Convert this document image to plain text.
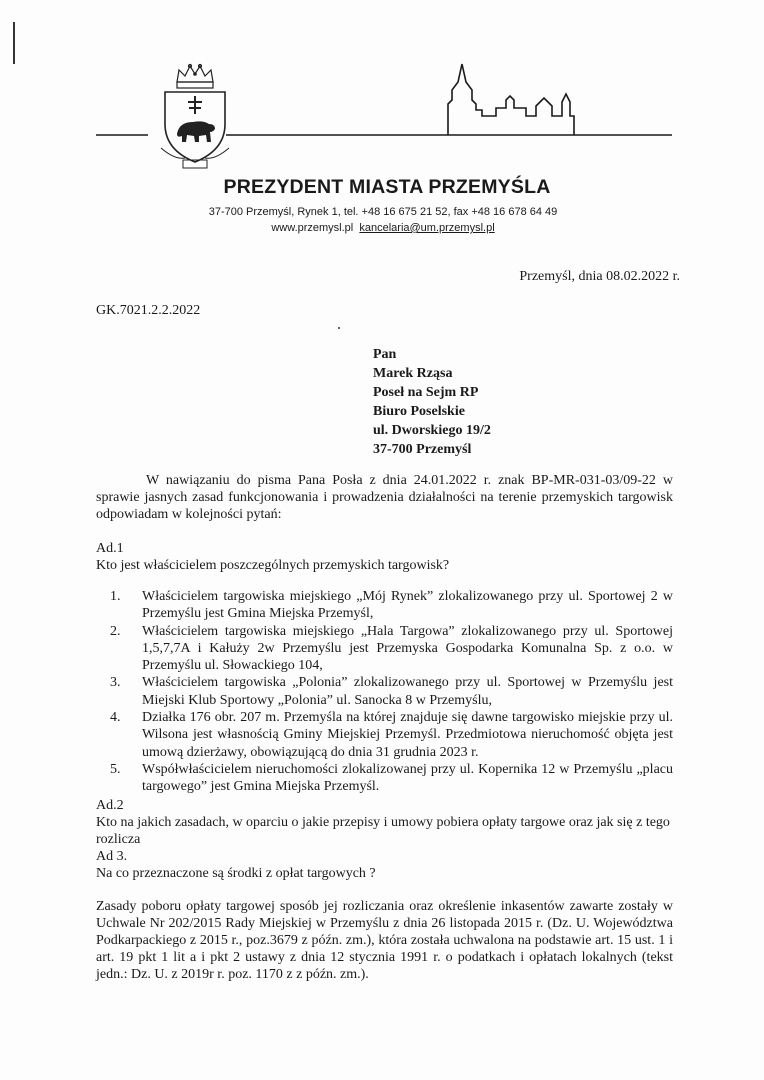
PREZYDENT MIASTA PRZEMYŚLA
37-700 Przemyśl, Rynek 1, tel. +48 16 675 21 52, fax +48 16 678 64 49
www.przemysl.pl kancelaria@um.przemysl.pl
Przemyśl, dnia 08.02.2022 r.
GK.7021.2.2.2022
Pan
Marek Rząsa
Poseł na Sejm RP
Biuro Poselskie
ul. Dworskiego 19/2
37-700 Przemyśl
W nawiązaniu do pisma Pana Posła z dnia 24.01.2022 r. znak BP-MR-031-03/09-22 w sprawie jasnych zasad funkcjonowania i prowadzenia działalności na terenie przemyskich targowisk odpowiadam w kolejności pytań:
Ad.1
Kto jest właścicielem poszczególnych przemyskich targowisk?
1. Właścicielem targowiska miejskiego „Mój Rynek” zlokalizowanego przy ul. Sportowej 2 w Przemyślu jest Gmina Miejska Przemyśl,
2. Właścicielem targowiska miejskiego „Hala Targowa” zlokalizowanego przy ul. Sportowej 1,5,7,7A i Kałuży 2w Przemyślu jest Przemyska Gospodarka Komunalna Sp. z o.o. w Przemyślu ul. Słowackiego 104,
3. Właścicielem targowiska „Polonia” zlokalizowanego przy ul. Sportowej w Przemyślu jest Miejski Klub Sportowy „Polonia” ul. Sanocka 8 w Przemyślu,
4. Działka 176 obr. 207 m. Przemyśla na której znajduje się dawne targowisko miejskie przy ul. Wilsona jest własnością Gminy Miejskiej Przemyśl. Przedmiotowa nieruchomość objęta jest umową dzierżawy, obowiązującą do dnia 31 grudnia 2023 r.
5. Współwłaścicielem nieruchomości zlokalizowanej przy ul. Kopernika 12 w Przemyślu „placu targowego” jest Gmina Miejska Przemyśl.
Ad.2
Kto na jakich zasadach, w oparciu o jakie przepisy i umowy pobiera opłaty targowe oraz jak się z tego rozlicza
Ad 3.
Na co przeznaczone są środki z opłat targowych ?
Zasady poboru opłaty targowej sposób jej rozliczania oraz określenie inkasentów zawarte zostały w Uchwale Nr 202/2015 Rady Miejskiej w Przemyślu z dnia 26 listopada 2015 r. (Dz. U. Województwa Podkarpackiego z 2015 r., poz.3679 z późn. zm.), która została uchwalona na podstawie art. 15 ust. 1 i art. 19 pkt 1 lit a i pkt 2 ustawy z dnia 12 stycznia 1991 r. o podatkach i opłatach lokalnych (tekst jedn.: Dz. U. z 2019r r. poz. 1170 z z późn. zm.).
